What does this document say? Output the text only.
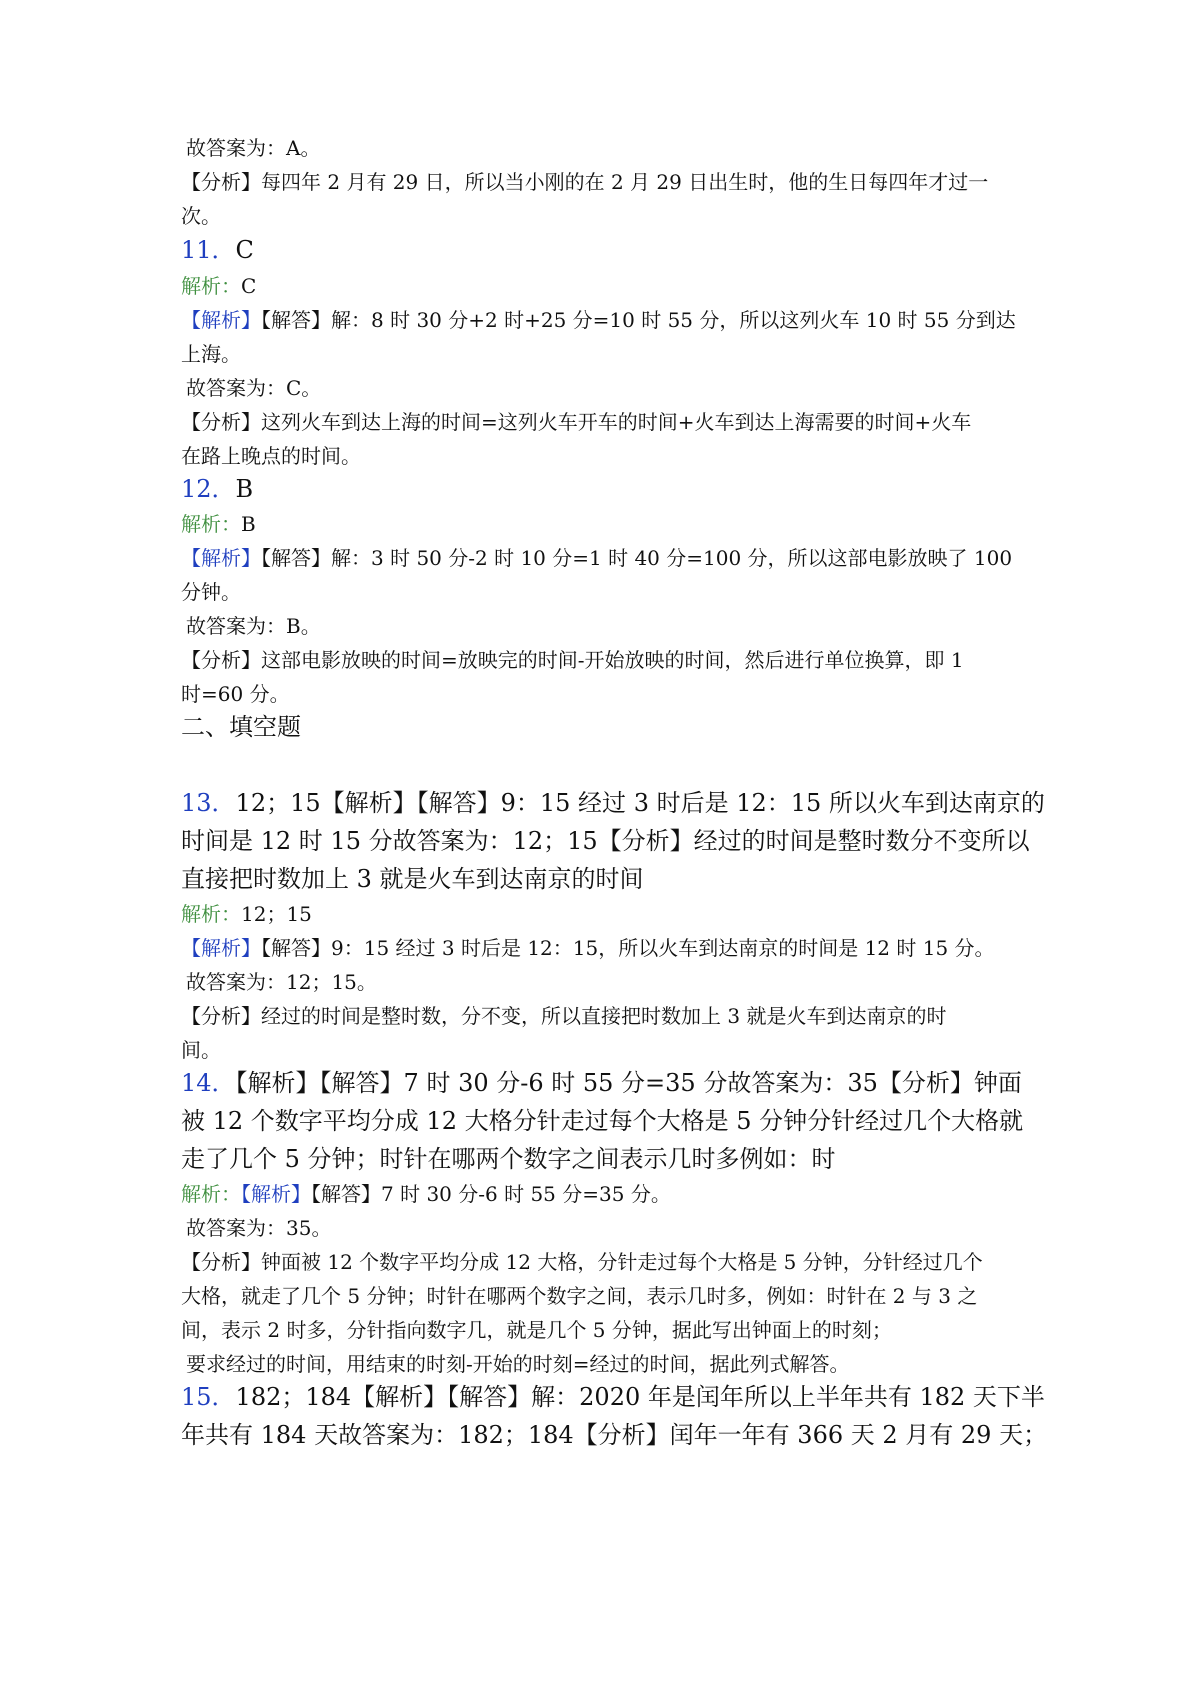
故答案为：A。
【分析】每四年 2 月有 29 日，所以当小刚的在 2 月 29 日出生时，他的生日每四年才过一
次。
11．C
解析：C
【解析】【解答】解：8 时 30 分+2 时+25 分=10 时 55 分，所以这列火车 10 时 55 分到达
上海。
故答案为：C。
【分析】这列火车到达上海的时间=这列火车开车的时间+火车到达上海需要的时间+火车
在路上晚点的时间。
12．B
解析：B
【解析】【解答】解：3 时 50 分-2 时 10 分=1 时 40 分=100 分，所以这部电影放映了 100
分钟。
故答案为：B。
【分析】这部电影放映的时间=放映完的时间-开始放映的时间，然后进行单位换算，即 1
时=60 分。
二、填空题
13．12；15【解析】【解答】9：15 经过 3 时后是 12：15 所以火车到达南京的
时间是 12 时 15 分故答案为：12；15【分析】经过的时间是整时数分不变所以
直接把时数加上 3 就是火车到达南京的时间
解析：12；15
【解析】【解答】9：15 经过 3 时后是 12：15，所以火车到达南京的时间是 12 时 15 分。
故答案为：12；15。
【分析】经过的时间是整时数，分不变，所以直接把时数加上 3 就是火车到达南京的时
间。
14．【解析】【解答】7 时 30 分-6 时 55 分=35 分故答案为：35【分析】钟面
被 12 个数字平均分成 12 大格分针走过每个大格是 5 分钟分针经过几个大格就
走了几个 5 分钟；时针在哪两个数字之间表示几时多例如：时
解析：【解析】【解答】7 时 30 分-6 时 55 分=35 分。
故答案为：35。
【分析】钟面被 12 个数字平均分成 12 大格，分针走过每个大格是 5 分钟，分针经过几个
大格，就走了几个 5 分钟；时针在哪两个数字之间，表示几时多，例如：时针在 2 与 3 之
间，表示 2 时多，分针指向数字几，就是几个 5 分钟，据此写出钟面上的时刻；
要求经过的时间，用结束的时刻-开始的时刻=经过的时间，据此列式解答。
15．182；184【解析】【解答】解：2020 年是闰年所以上半年共有 182 天下半
年共有 184 天故答案为：182；184【分析】闰年一年有 366 天 2 月有 29 天；
